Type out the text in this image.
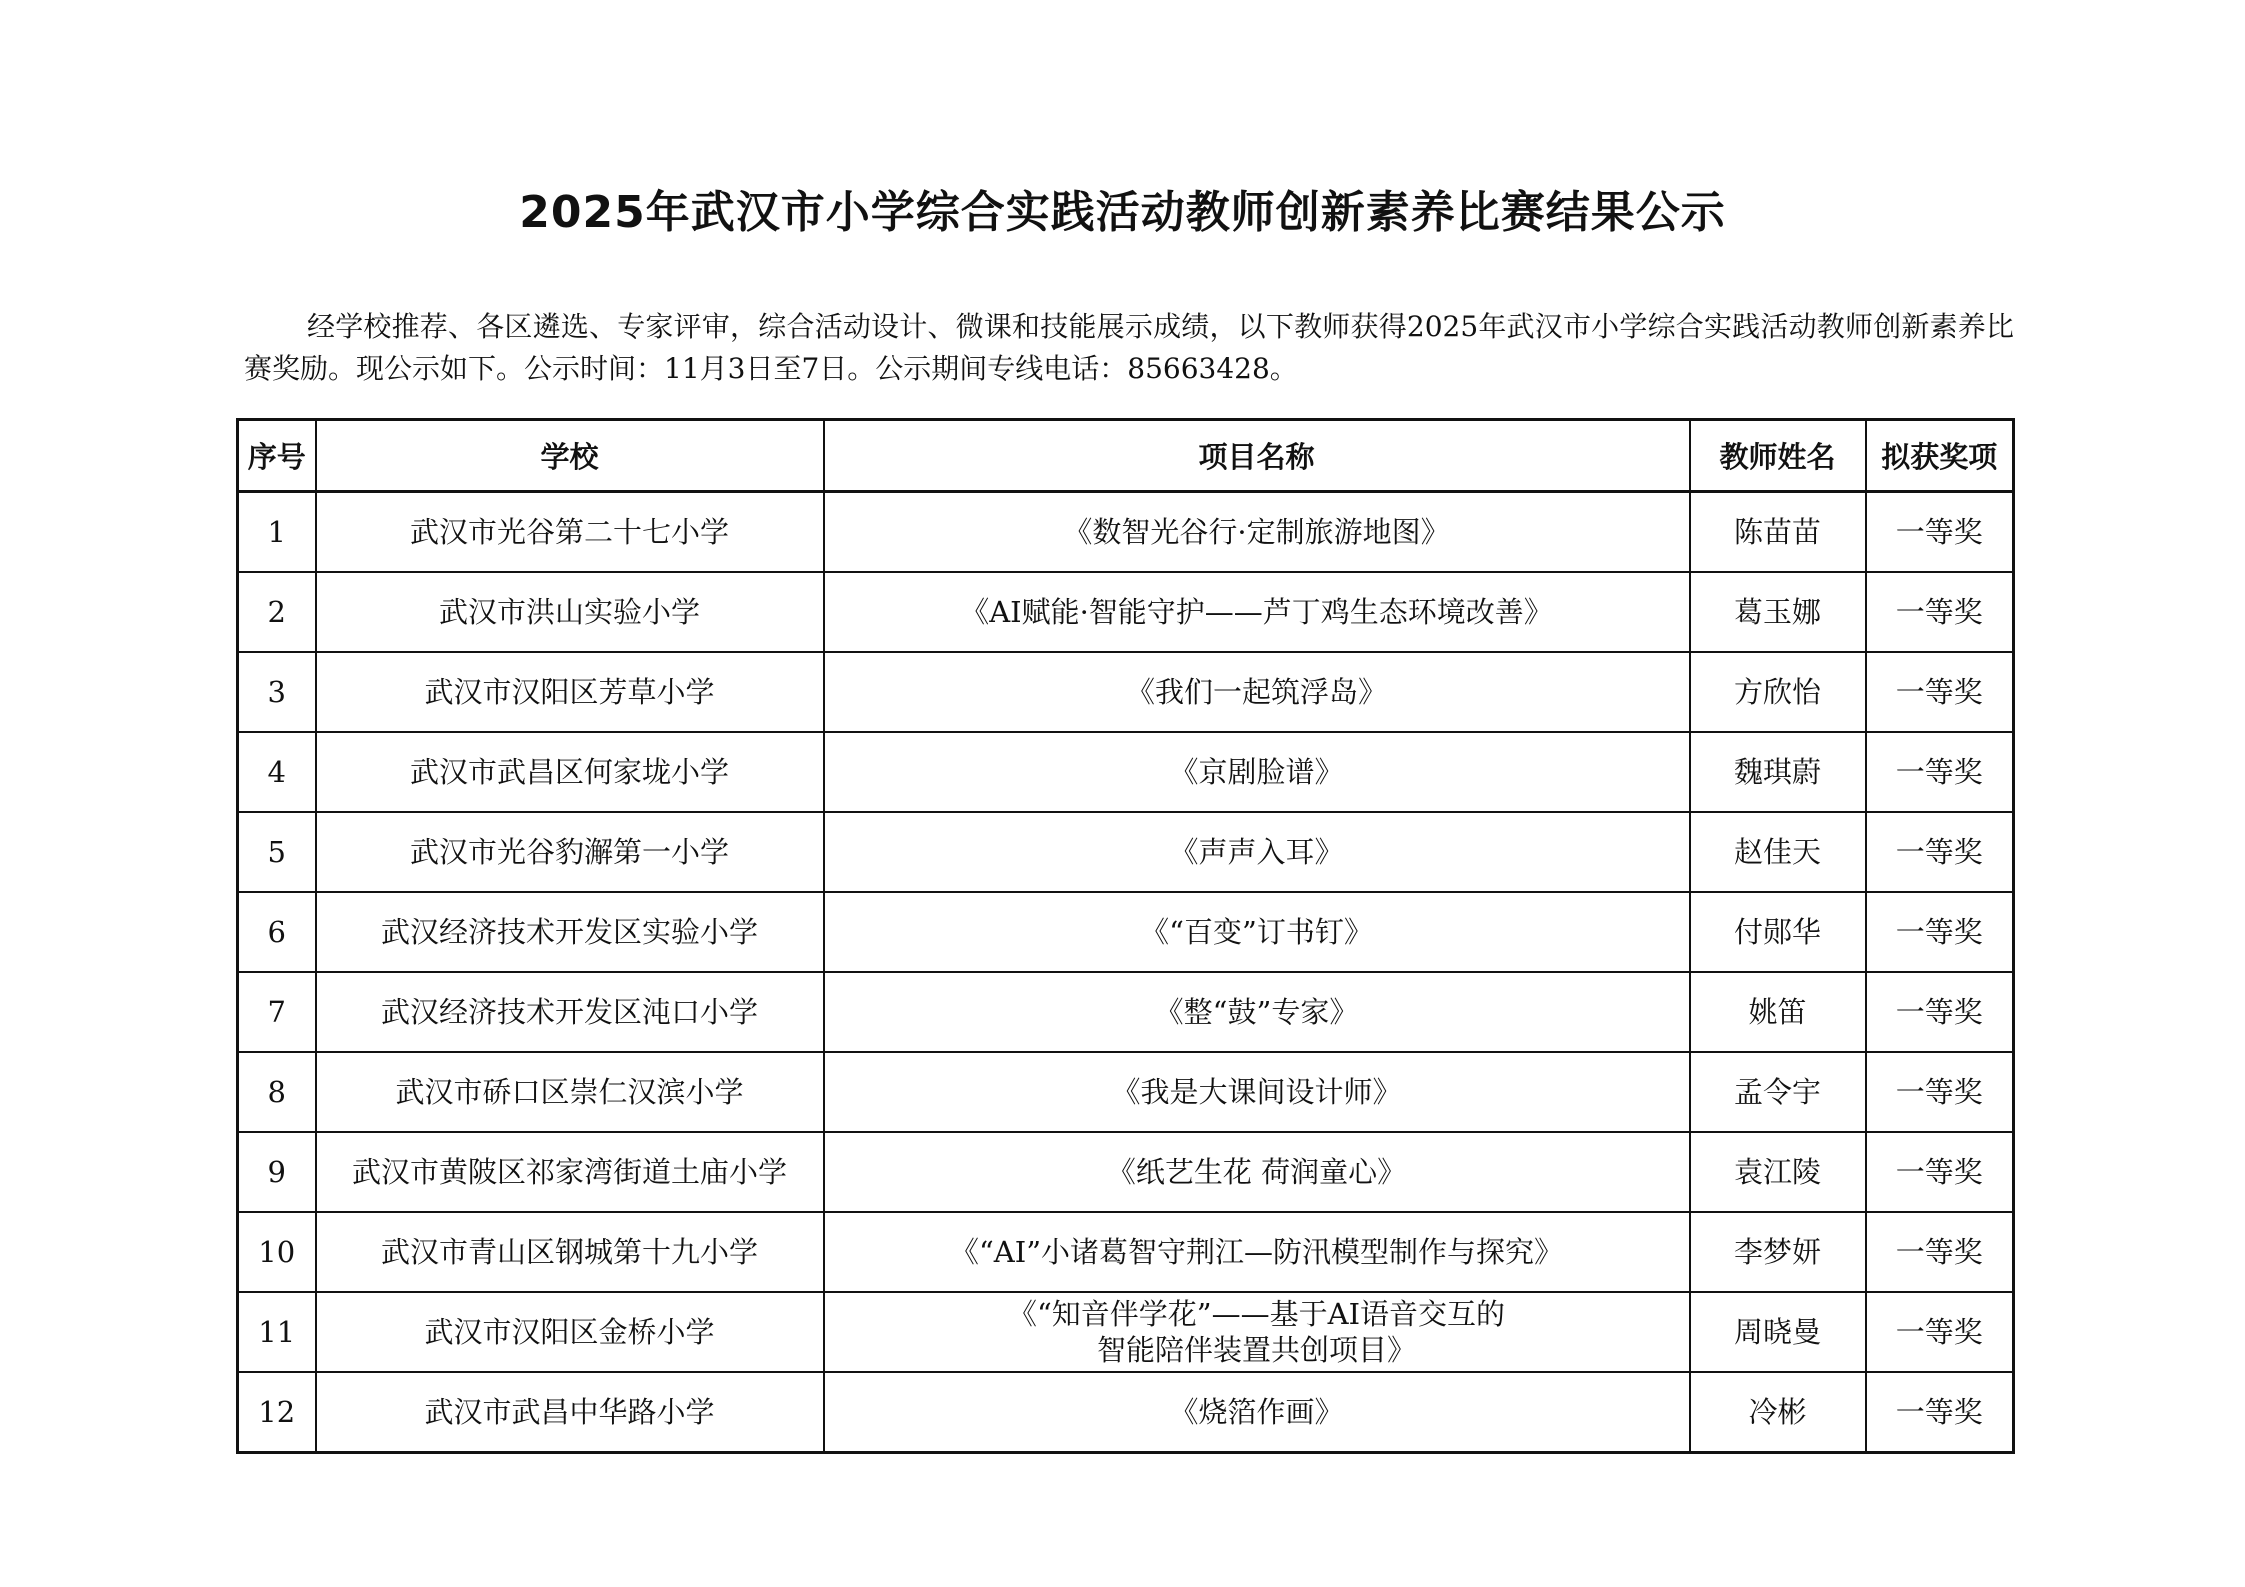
2025年武汉市小学综合实践活动教师创新素养比赛结果公示
经学校推荐、各区遴选、专家评审，综合活动设计、微课和技能展示成绩，以下教师获得2025年武汉市小学综合实践活动教师创新素养比赛奖励。现公示如下。公示时间：11月3日至7日。公示期间专线电话：85663428。
序号	学校	项目名称	教师姓名	拟获奖项
1	武汉市光谷第二十七小学	《数智光谷行·定制旅游地图》	陈苗苗	一等奖
2	武汉市洪山实验小学	《AI赋能·智能守护——芦丁鸡生态环境改善》	葛玉娜	一等奖
3	武汉市汉阳区芳草小学	《我们一起筑浮岛》	方欣怡	一等奖
4	武汉市武昌区何家垅小学	《京剧脸谱》	魏琪蔚	一等奖
5	武汉市光谷豹澥第一小学	《声声入耳》	赵佳天	一等奖
6	武汉经济技术开发区实验小学	《“百变”订书钉》	付郧华	一等奖
7	武汉经济技术开发区沌口小学	《整“鼓”专家》	姚笛	一等奖
8	武汉市硚口区崇仁汉滨小学	《我是大课间设计师》	孟令宇	一等奖
9	武汉市黄陂区祁家湾街道土庙小学	《纸艺生花 荷润童心》	袁江陵	一等奖
10	武汉市青山区钢城第十九小学	《“AI”小诸葛智守荆江—防汛模型制作与探究》	李梦妍	一等奖
11	武汉市汉阳区金桥小学	《“知音伴学花”——基于AI语音交互的
智能陪伴装置共创项目》	周晓曼	一等奖
12	武汉市武昌中华路小学	《烧箔作画》	冷彬	一等奖
